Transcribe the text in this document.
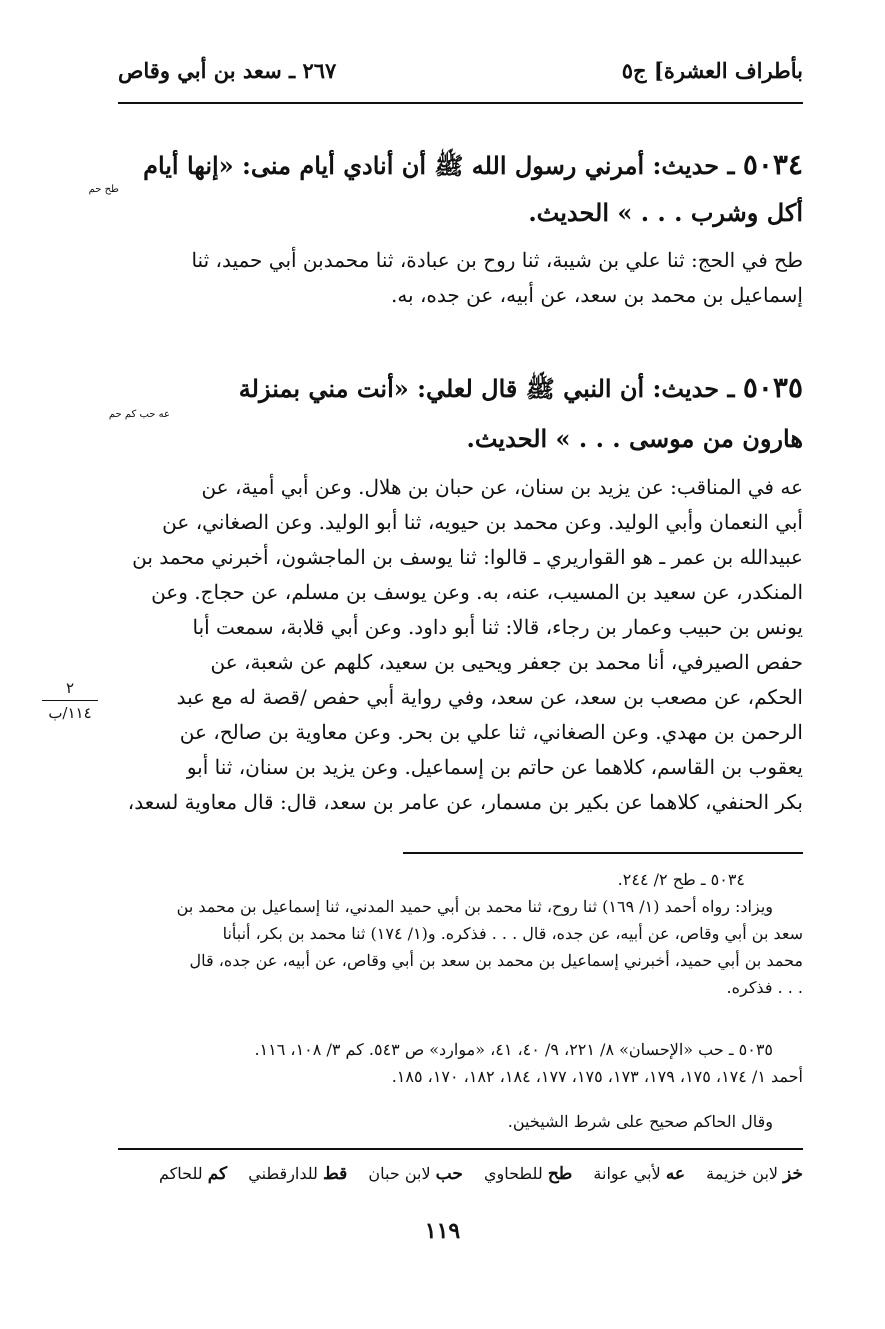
بأطراف العشرة] ج٥
٢٦٧ ـ سعد بن أبي وقاص
٥٠٣٤ ـ حديث: أمرني رسول الله ﷺ أن أنادي أيام منى: «إنها أيام
طح حم
أكل وشرب . . . » الحديث.
طح في الحج: ثنا علي بن شيبة، ثنا روح بن عبادة، ثنا محمدبن أبي حميد، ثنا
إسماعيل بن محمد بن سعد، عن أبيه، عن جده، به.
٥٠٣٥ ـ حديث: أن النبي ﷺ قال لعلي: «أنت مني بمنزلة
عه حب كم حم
هارون من موسى . . . » الحديث.
عه في المناقب: عن يزيد بن سنان، عن حبان بن هلال. وعن أبي أمية، عن
أبي النعمان وأبي الوليد. وعن محمد بن حيويه، ثنا أبو الوليد. وعن الصغاني، عن
عبيدالله بن عمر ـ هو القواريري ـ قالوا: ثنا يوسف بن الماجشون، أخبرني محمد بن
المنكدر، عن سعيد بن المسيب، عنه، به. وعن يوسف بن مسلم، عن حجاج. وعن
يونس بن حبيب وعمار بن رجاء، قالا: ثنا أبو داود. وعن أبي قلابة، سمعت أبا
حفص الصيرفي، أنا محمد بن جعفر ويحيى بن سعيد، كلهم عن شعبة، عن
الحكم، عن مصعب بن سعد، عن سعد، وفي رواية أبي حفص /قصة له مع عبد
الرحمن بن مهدي. وعن الصغاني، ثنا علي بن بحر. وعن معاوية بن صالح، عن
يعقوب بن القاسم، كلاهما عن حاتم بن إسماعيل. وعن يزيد بن سنان، ثنا أبو
بكر الحنفي، كلاهما عن بكير بن مسمار، عن عامر بن سعد، قال: قال معاوية لسعد،
٢
١١٤/ب
٥٠٣٤ ـ طح ٢/ ٢٤٤.
ويزاد: رواه أحمد (١/ ١٦٩) ثنا روح، ثنا محمد بن أبي حميد المدني، ثنا إسماعيل بن محمد بن
سعد بن أبي وقاص، عن أبيه، عن جده، قال . . . فذكره. و(١/ ١٧٤) ثنا محمد بن بكر، أنبأنا
محمد بن أبي حميد، أخبرني إسماعيل بن محمد بن سعد بن أبي وقاص، عن أبيه، عن جده، قال
. . . فذكره.
٥٠٣٥ ـ حب «الإحسان» ٨/ ٢٢١، ٩/ ٤٠، ٤١، «موارد» ص ٥٤٣. كم ٣/ ١٠٨، ١١٦.
أحمد ١/ ١٧٤، ١٧٥، ١٧٩، ١٧٣، ١٧٥، ١٧٧، ١٨٤، ١٨٢، ١٧٠، ١٨٥.
وقال الحاكم صحيح على شرط الشيخين.
خز لابن خزيمة عه لأبي عوانة طح للطحاوي حب لابن حبان قط للدارقطني كم للحاكم
١١٩
